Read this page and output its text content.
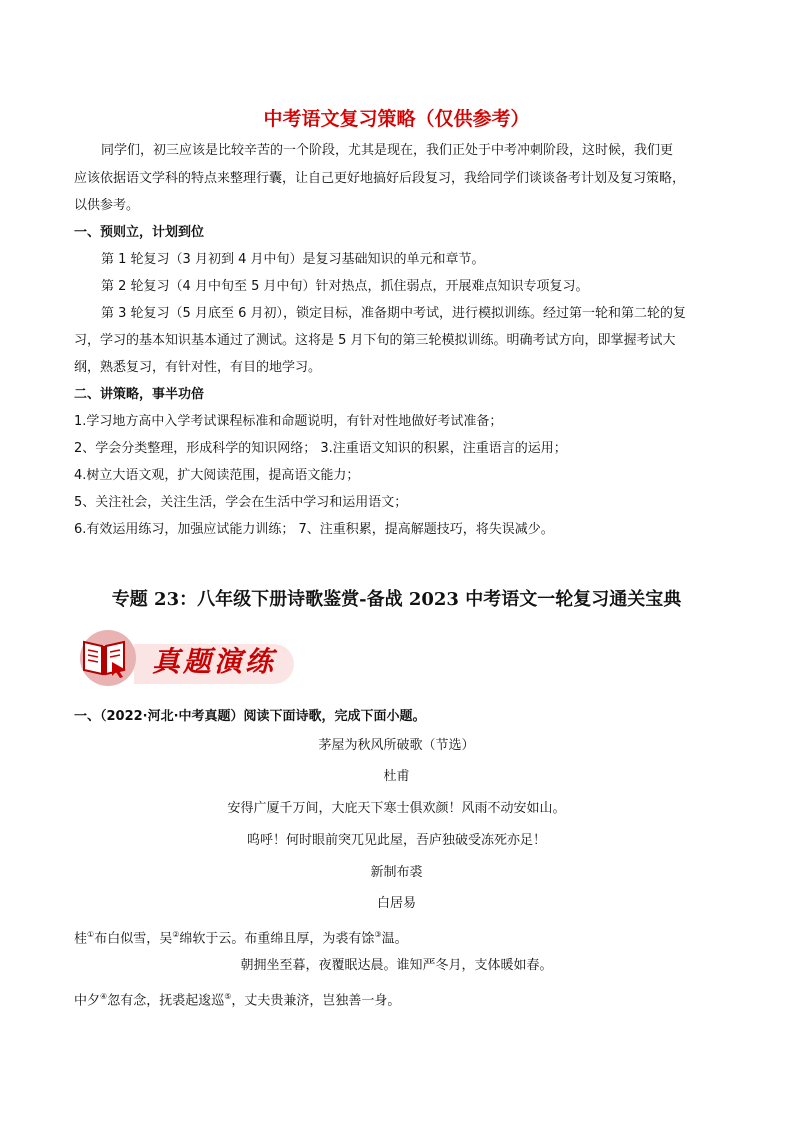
中考语文复习策略（仅供参考）
同学们，初三应该是比较辛苦的一个阶段，尤其是现在，我们正处于中考冲刺阶段，这时候，我们更
应该依据语文学科的特点来整理行囊，让自己更好地搞好后段复习，我给同学们谈谈备考计划及复习策略，
以供参考。
一、预则立，计划到位
第 1 轮复习（3 月初到 4 月中旬）是复习基础知识的单元和章节。
第 2 轮复习（4 月中旬至 5 月中旬）针对热点，抓住弱点，开展难点知识专项复习。
第 3 轮复习（5 月底至 6 月初），锁定目标，准备期中考试，进行模拟训练。经过第一轮和第二轮的复
习，学习的基本知识基本通过了测试。这将是 5 月下旬的第三轮模拟训练。明确考试方向，即掌握考试大
纲，熟悉复习，有针对性，有目的地学习。
二、讲策略，事半功倍
1.学习地方高中入学考试课程标准和命题说明，有针对性地做好考试准备；
2、学会分类整理，形成科学的知识网络； 3.注重语文知识的积累，注重语言的运用；
4.树立大语文观，扩大阅读范围，提高语文能力；
5、关注社会，关注生活，学会在生活中学习和运用语文；
6.有效运用练习，加强应试能力训练； 7、注重积累，提高解题技巧，将失误减少。
专题 23：八年级下册诗歌鉴赏-备战 2023 中考语文一轮复习通关宝典
真题演练
一、（2022·河北·中考真题）阅读下面诗歌，完成下面小题。
茅屋为秋风所破歌（节选）
杜甫
安得广厦千万间，大庇天下寒士俱欢颜！风雨不动安如山。
呜呼！何时眼前突兀见此屋，吾庐独破受冻死亦足！
新制布裘
白居易
桂①布白似雪，吴②绵软于云。布重绵且厚，为裘有馀③温。
朝拥坐至暮，夜覆眠达晨。谁知严冬月，支体暖如春。
中夕④忽有念，抚裘起逡巡⑤，丈夫贵兼济，岂独善一身。
